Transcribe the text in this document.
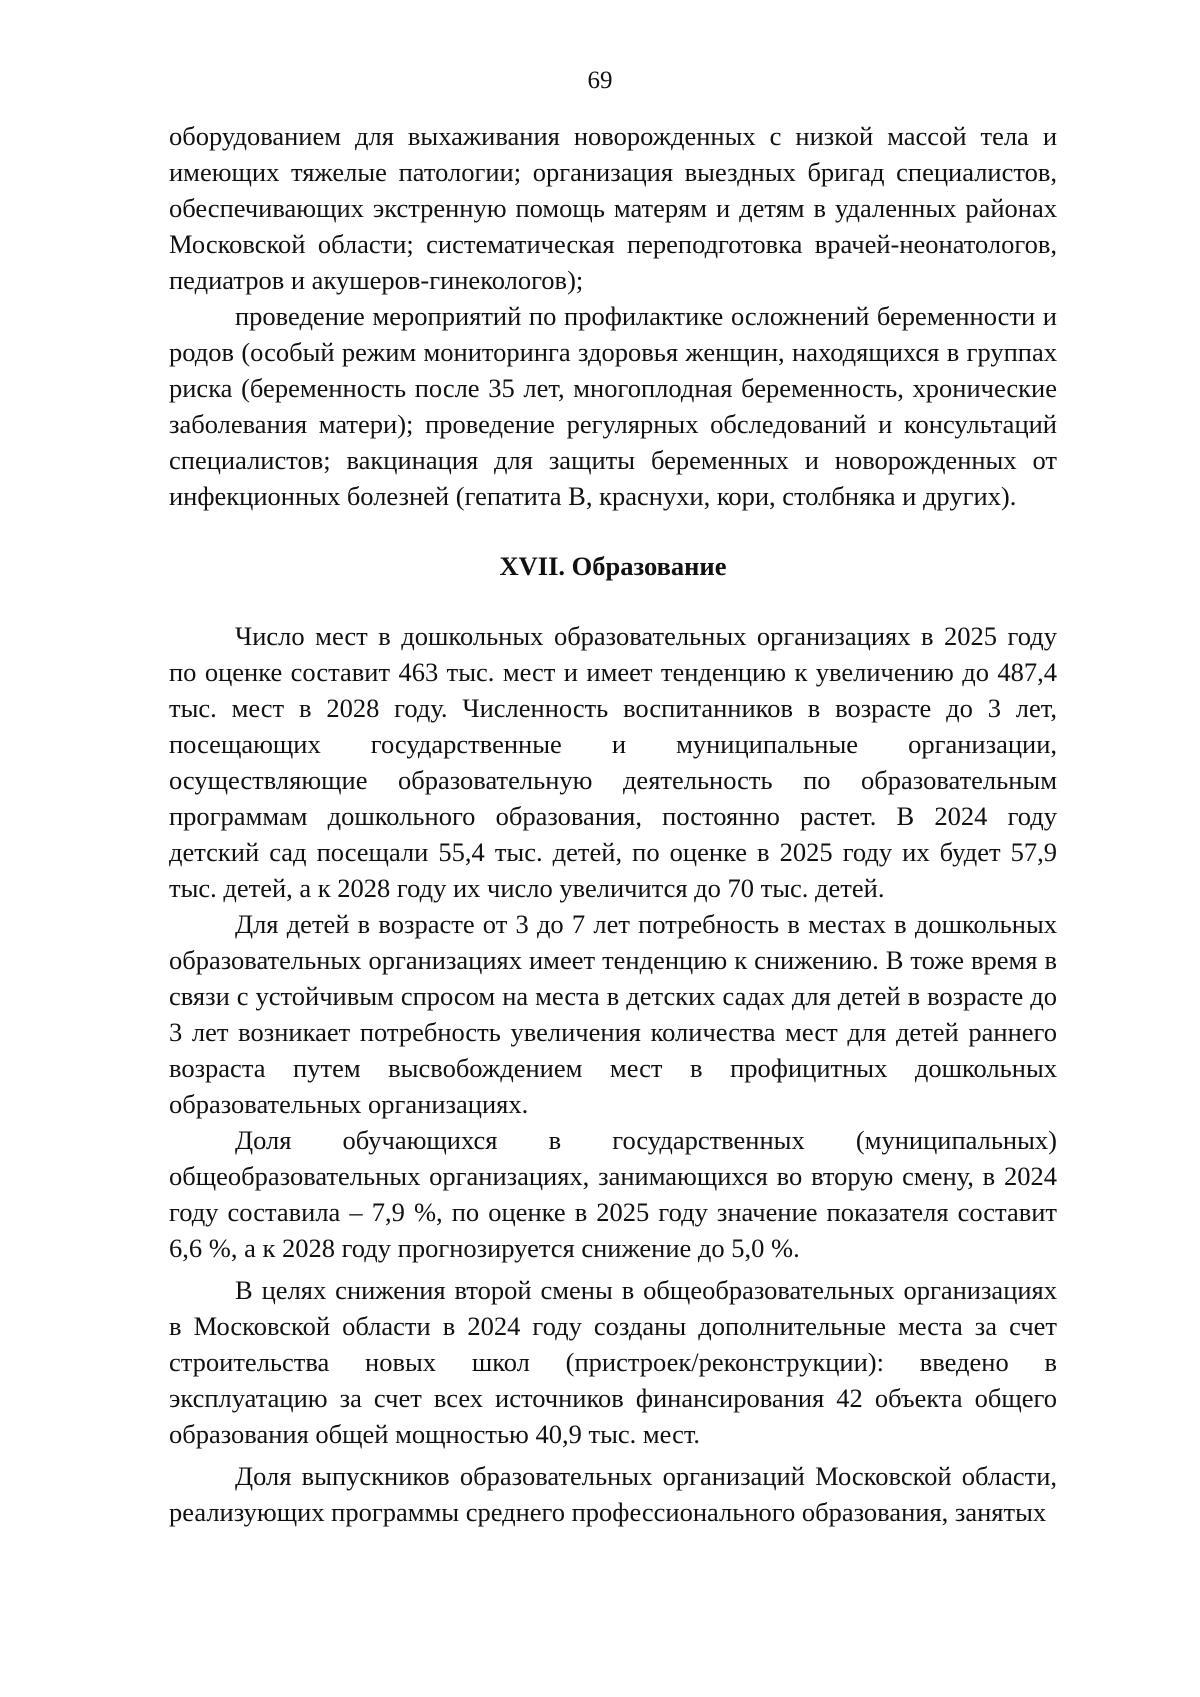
69

оборудованием для выхаживания новорожденных с низкой массой тела и имеющих тяжелые патологии; организация выездных бригад специалистов, обеспечивающих экстренную помощь матерям и детям в удаленных районах Московской области; систематическая переподготовка врачей-неонатологов, педиатров и акушеров-гинекологов);

проведение мероприятий по профилактике осложнений беременности и родов (особый режим мониторинга здоровья женщин, находящихся в группах риска (беременность после 35 лет, многоплодная беременность, хронические заболевания матери); проведение регулярных обследований и консультаций специалистов; вакцинация для защиты беременных и новорожденных от инфекционных болезней (гепатита В, краснухи, кори, столбняка и других).

XVII. Образование

Число мест в дошкольных образовательных организациях в 2025 году по оценке составит 463 тыс. мест и имеет тенденцию к увеличению до 487,4 тыс. мест в 2028 году. Численность воспитанников в возрасте до 3 лет, посещающих государственные и муниципальные организации, осуществляющие образовательную деятельность по образовательным программам дошкольного образования, постоянно растет. В 2024 году детский сад посещали 55,4 тыс. детей, по оценке в 2025 году их будет 57,9 тыс. детей, а к 2028 году их число увеличится до 70 тыс. детей.

Для детей в возрасте от 3 до 7 лет потребность в местах в дошкольных образовательных организациях имеет тенденцию к снижению. В тоже время в связи с устойчивым спросом на места в детских садах для детей в возрасте до 3 лет возникает потребность увеличения количества мест для детей раннего возраста путем высвобождением мест в профицитных дошкольных образовательных организациях.

Доля обучающихся в государственных (муниципальных) общеобразовательных организациях, занимающихся во вторую смену, в 2024 году составила – 7,9 %, по оценке в 2025 году значение показателя составит 6,6 %, а к 2028 году прогнозируется снижение до 5,0 %.

В целях снижения второй смены в общеобразовательных организациях в Московской области в 2024 году созданы дополнительные места за счет строительства новых школ (пристроек/реконструкции): введено в эксплуатацию за счет всех источников финансирования 42 объекта общего образования общей мощностью 40,9 тыс. мест.

Доля выпускников образовательных организаций Московской области, реализующих программы среднего профессионального образования, занятых
